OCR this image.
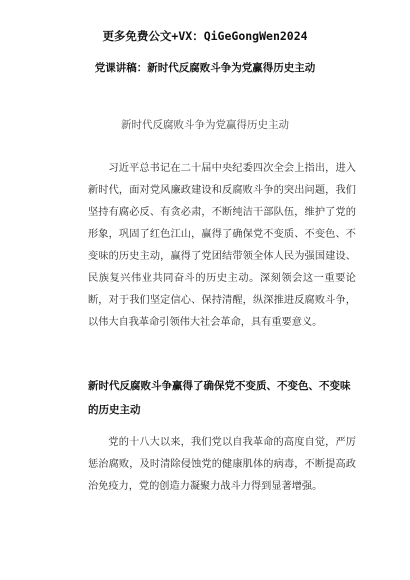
更多免费公文+VX：QiGeGongWen2024
党课讲稿：新时代反腐败斗争为党赢得历史主动
新时代反腐败斗争为党赢得历史主动

习近平总书记在二十届中央纪委四次全会上指出，进入新时代，面对党风廉政建设和反腐败斗争的突出问题，我们坚持有腐必反、有贪必肃，不断纯洁干部队伍，维护了党的形象，巩固了红色江山，赢得了确保党不变质、不变色、不变味的历史主动，赢得了党团结带领全体人民为强国建设、民族复兴伟业共同奋斗的历史主动。深刻领会这一重要论断，对于我们坚定信心、保持清醒，纵深推进反腐败斗争，以伟大自我革命引领伟大社会革命，具有重要意义。

新时代反腐败斗争赢得了确保党不变质、不变色、不变味的历史主动

党的十八大以来，我们党以自我革命的高度自觉，严厉惩治腐败，及时清除侵蚀党的健康肌体的病毒，不断提高政治免疫力，党的创造力凝聚力战斗力得到显著增强。
